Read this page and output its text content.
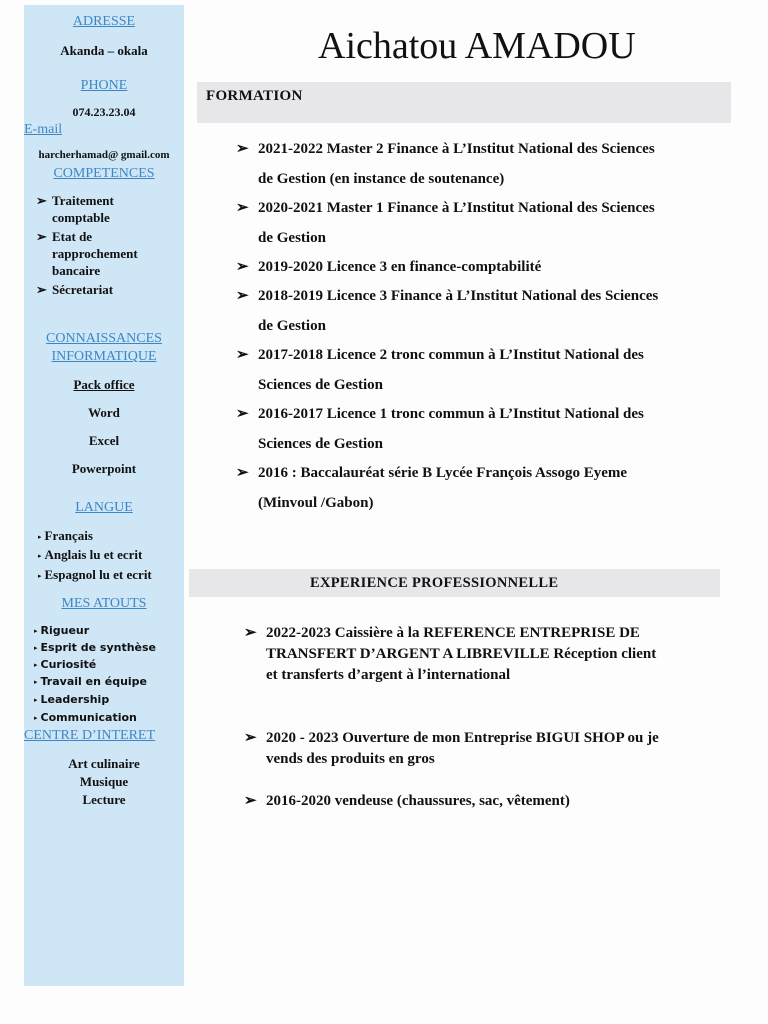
ADRESSE
Akanda – okala
PHONE
074.23.23.04
E-mail
harcherhamad@ gmail.com
COMPETENCES
➢ Traitement
comptable
➢ Etat de
rapprochement
bancaire
➢ Sécretariat
CONNAISSANCES
INFORMATIQUE
Pack office
Word
Excel
Powerpoint
LANGUE
▸ Français
▸ Anglais lu et ecrit
▸ Espagnol lu et ecrit
MES ATOUTS
▸ Rigueur
▸ Esprit de synthèse
▸ Curiosité
▸ Travail en équipe
▸ Leadership
▸ Communication
CENTRE D’INTERET
Art culinaire
Musique
Lecture
Aichatou AMADOU
FORMATION
➢ 2021-2022 Master 2 Finance à L’Institut National des Sciences
de Gestion (en instance de soutenance)
➢ 2020-2021 Master 1 Finance à L’Institut National des Sciences
de Gestion
➢ 2019-2020 Licence 3 en finance-comptabilité
➢ 2018-2019 Licence 3 Finance à L’Institut National des Sciences
de Gestion
➢ 2017-2018 Licence 2 tronc commun à L’Institut National des
Sciences de Gestion
➢ 2016-2017 Licence 1 tronc commun à L’Institut National des
Sciences de Gestion
➢ 2016 : Baccalauréat série B Lycée François Assogo Eyeme
(Minvoul /Gabon)
EXPERIENCE PROFESSIONNELLE
➢ 2022-2023 Caissière à la REFERENCE ENTREPRISE DE
TRANSFERT D’ARGENT A LIBREVILLE Réception client
et transferts d’argent à l’international
➢ 2020 - 2023 Ouverture de mon Entreprise BIGUI SHOP ou je
vends des produits en gros
➢ 2016-2020 vendeuse (chaussures, sac, vêtement)
